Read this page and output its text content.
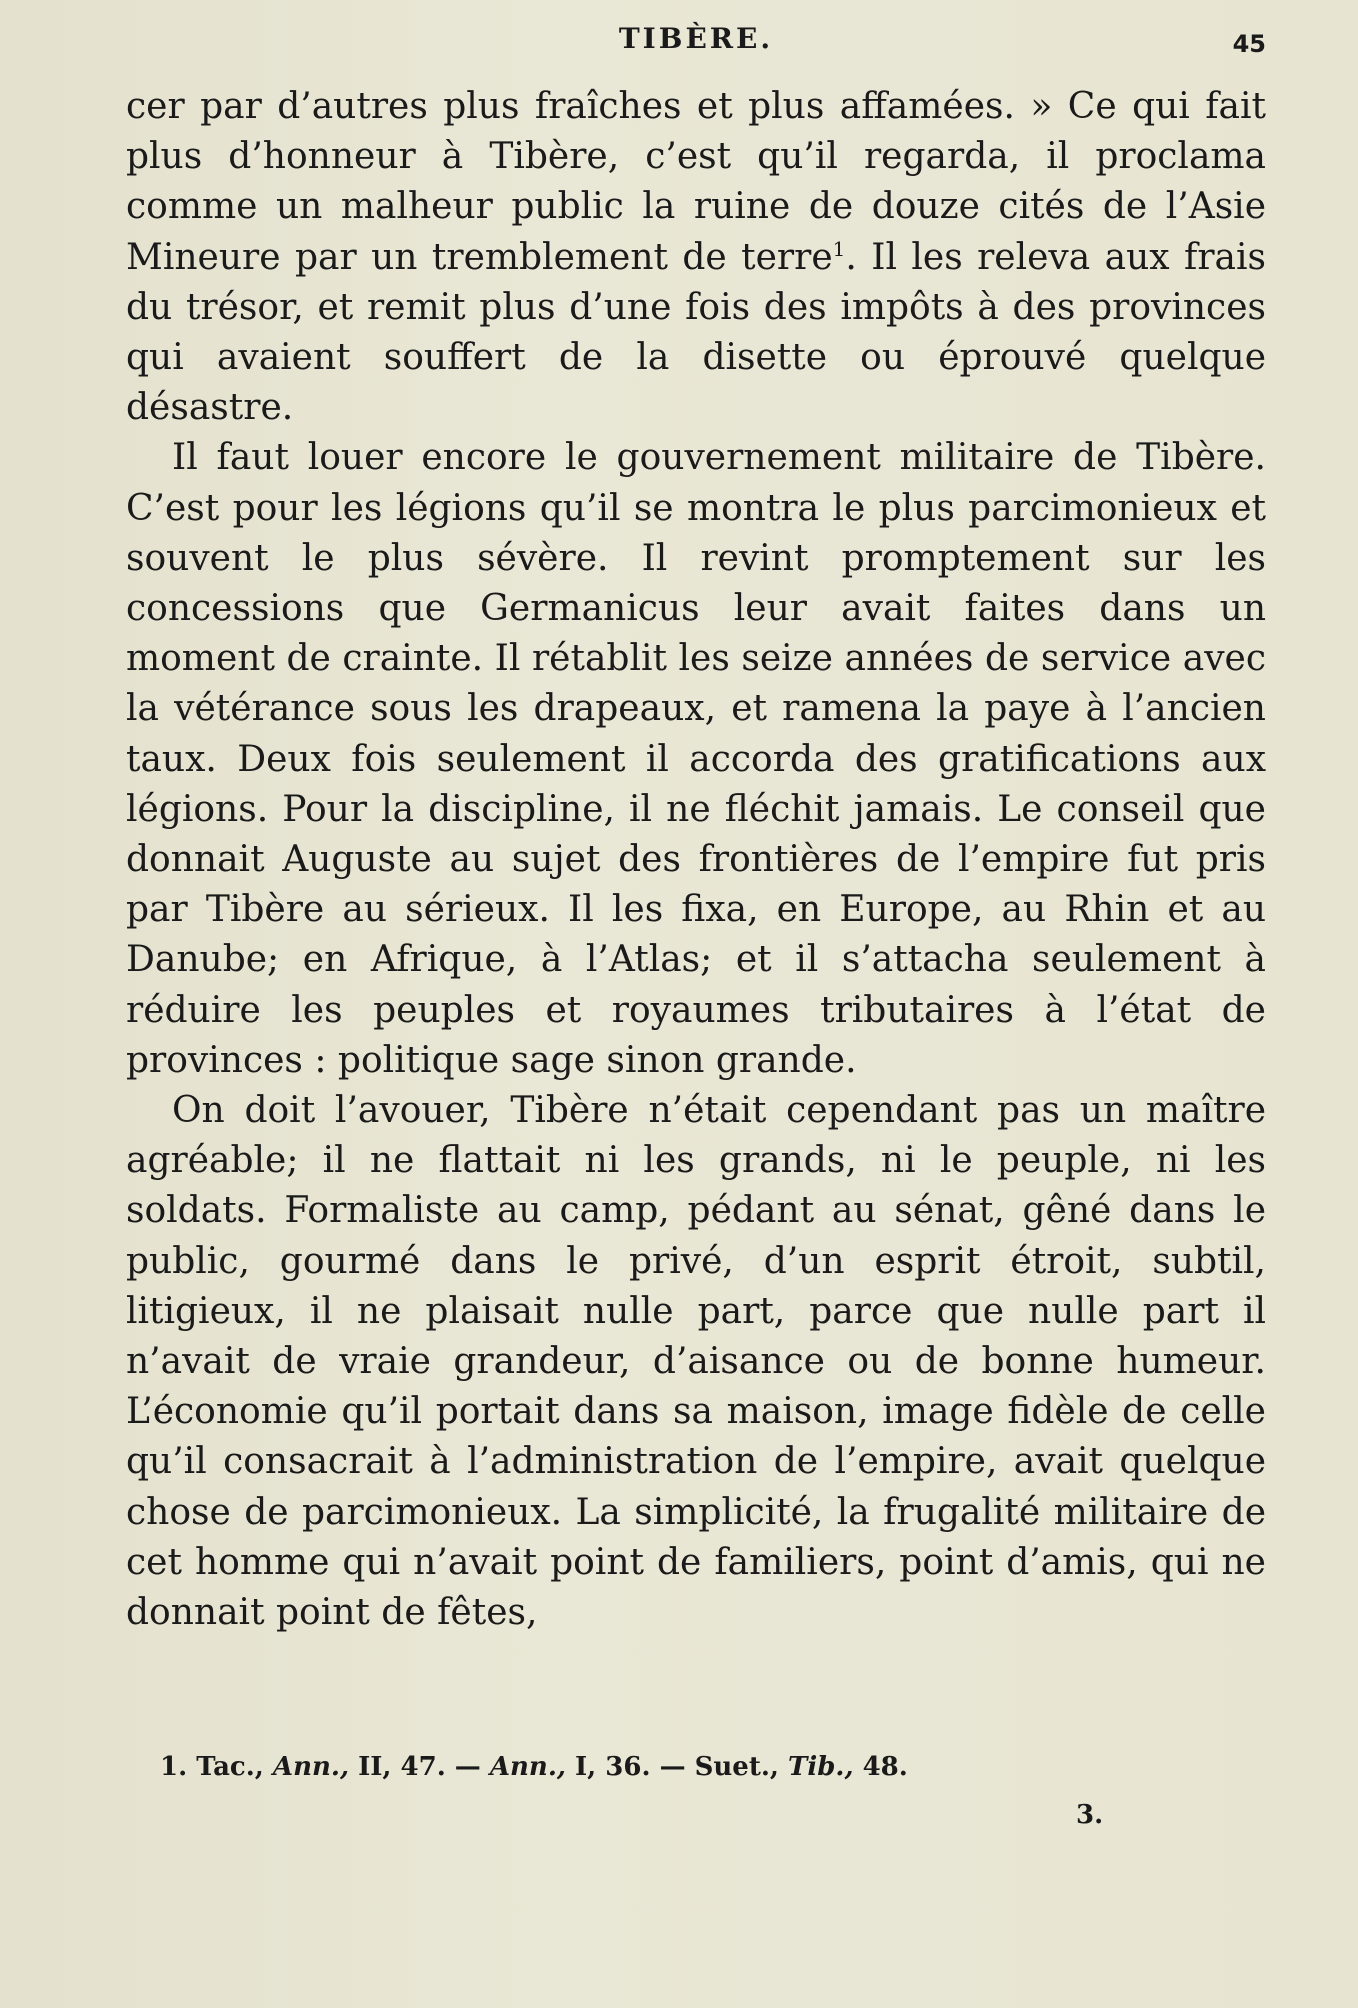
TIBÈRE.	45

cer par d’autres plus fraîches et plus affamées. » Ce qui fait plus d’honneur à Tibère, c’est qu’il regarda, il proclama comme un malheur public la ruine de douze cités de l’Asie Mineure par un tremblement de terre$^1$. Il les releva aux frais du trésor, et remit plus d’une fois des impôts à des provinces qui avaient souffert de la disette ou éprouvé quelque désastre.

Il faut louer encore le gouvernement militaire de Tibère. C’est pour les légions qu’il se montra le plus parcimonieux et souvent le plus sévère. Il revint promptement sur les concessions que Germanicus leur avait faites dans un moment de crainte. Il rétablit les seize années de service avec la vétérance sous les drapeaux, et ramena la paye à l’ancien taux. Deux fois seulement il accorda des gratifications aux légions. Pour la discipline, il ne fléchit jamais. Le conseil que donnait Auguste au sujet des frontières de l’empire fut pris par Tibère au sérieux. Il les fixa, en Europe, au Rhin et au Danube; en Afrique, à l’Atlas; et il s’attacha seulement à réduire les peuples et royaumes tributaires à l’état de provinces : politique sage sinon grande.

On doit l’avouer, Tibère n’était cependant pas un maître agréable; il ne flattait ni les grands, ni le peuple, ni les soldats. Formaliste au camp, pédant au sénat, gêné dans le public, gourmé dans le privé, d’un esprit étroit, subtil, litigieux, il ne plaisait nulle part, parce que nulle part il n’avait de vraie grandeur, d’aisance ou de bonne humeur. L’économie qu’il portait dans sa maison, image fidèle de celle qu’il consacrait à l’administration de l’empire, avait quelque chose de parcimonieux. La simplicité, la frugalité militaire de cet homme qui n’avait point de familiers, point d’amis, qui ne donnait point de fêtes,

1. Tac., Ann., II, 47. — Ann., I, 36. — Suet., Tib., 48.
3.
